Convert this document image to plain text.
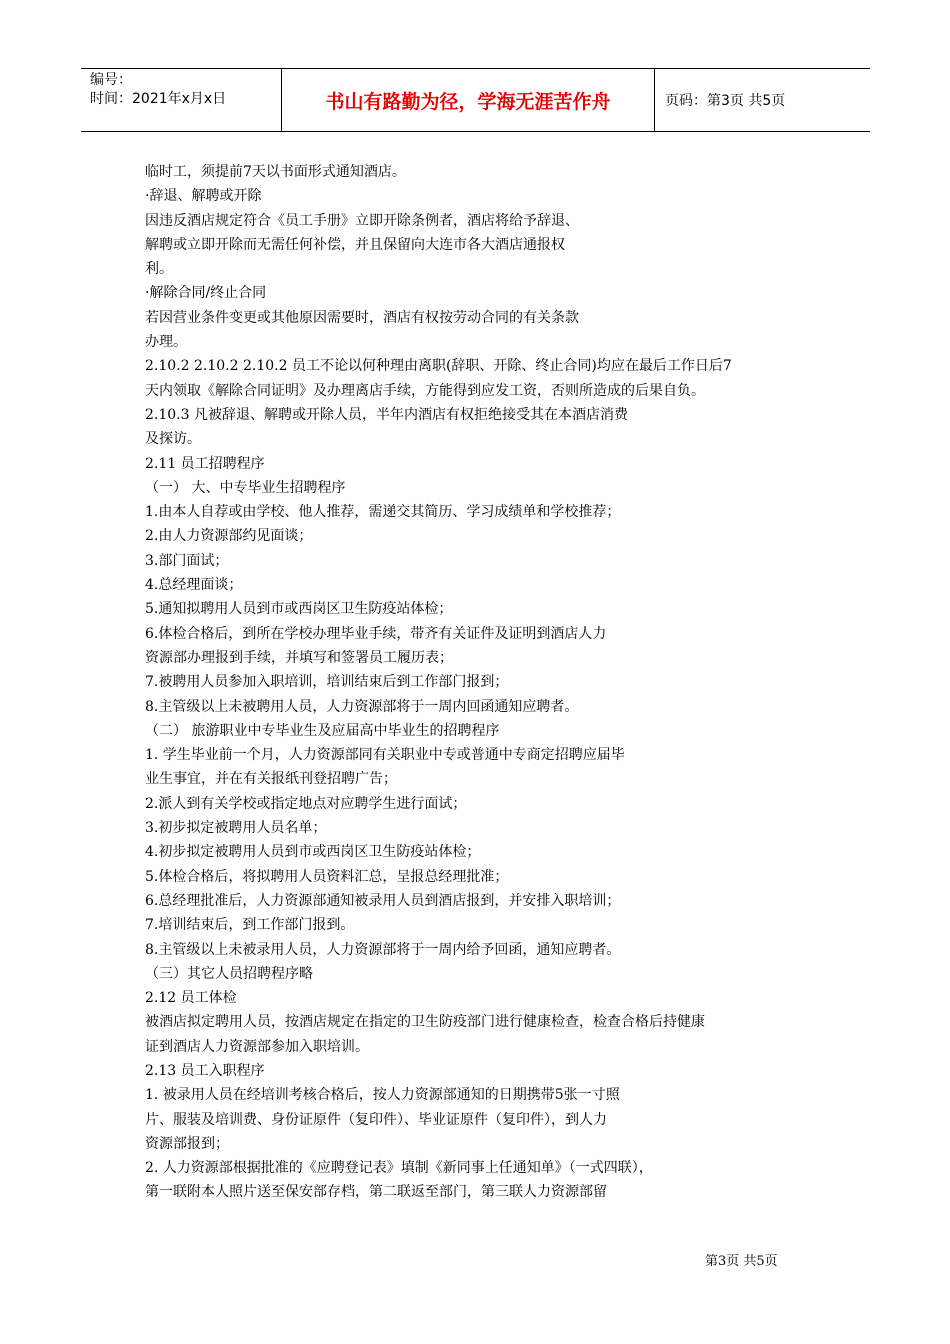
编号：
时间：2021年x月x日	书山有路勤为径，学海无涯苦作舟	页码：第3页 共5页
临时工，须提前7天以书面形式通知酒店。
·辞退、解聘或开除
因违反酒店规定符合《员工手册》立即开除条例者，酒店将给予辞退、
解聘或立即开除而无需任何补偿，并且保留向大连市各大酒店通报权
利。
·解除合同/终止合同
若因营业条件变更或其他原因需要时，酒店有权按劳动合同的有关条款
办理。
2.10.2 2.10.2 2.10.2 员工不论以何种理由离职(辞职、开除、终止合同)均应在最后工作日后7
天内领取《解除合同证明》及办理离店手续，方能得到应发工资，否则所造成的后果自负。
2.10.3 凡被辞退、解聘或开除人员，半年内酒店有权拒绝接受其在本酒店消费
及探访。
2.11 员工招聘程序
（一） 大、中专毕业生招聘程序
1.由本人自荐或由学校、他人推荐，需递交其简历、学习成绩单和学校推荐；
2.由人力资源部约见面谈；
3.部门面试；
4.总经理面谈；
5.通知拟聘用人员到市或西岗区卫生防疫站体检；
6.体检合格后，到所在学校办理毕业手续，带齐有关证件及证明到酒店人力
资源部办理报到手续，并填写和签署员工履历表；
7.被聘用人员参加入职培训，培训结束后到工作部门报到；
8.主管级以上未被聘用人员，人力资源部将于一周内回函通知应聘者。
（二） 旅游职业中专毕业生及应届高中毕业生的招聘程序
1. 学生毕业前一个月，人力资源部同有关职业中专或普通中专商定招聘应届毕
业生事宜，并在有关报纸刊登招聘广告；
2.派人到有关学校或指定地点对应聘学生进行面试；
3.初步拟定被聘用人员名单；
4.初步拟定被聘用人员到市或西岗区卫生防疫站体检；
5.体检合格后，将拟聘用人员资料汇总，呈报总经理批准；
6.总经理批准后，人力资源部通知被录用人员到酒店报到，并安排入职培训；
7.培训结束后，到工作部门报到。
8.主管级以上未被录用人员，人力资源部将于一周内给予回函，通知应聘者。
（三）其它人员招聘程序略
2.12 员工体检
被酒店拟定聘用人员，按酒店规定在指定的卫生防疫部门进行健康检查，检查合格后持健康
证到酒店人力资源部参加入职培训。
2.13 员工入职程序
1. 被录用人员在经培训考核合格后，按人力资源部通知的日期携带5张一寸照
片、服装及培训费、身份证原件（复印件）、毕业证原件（复印件），到人力
资源部报到；
2. 人力资源部根据批准的《应聘登记表》填制《新同事上任通知单》（一式四联），
第一联附本人照片送至保安部存档，第二联返至部门，第三联人力资源部留
第3页 共5页
